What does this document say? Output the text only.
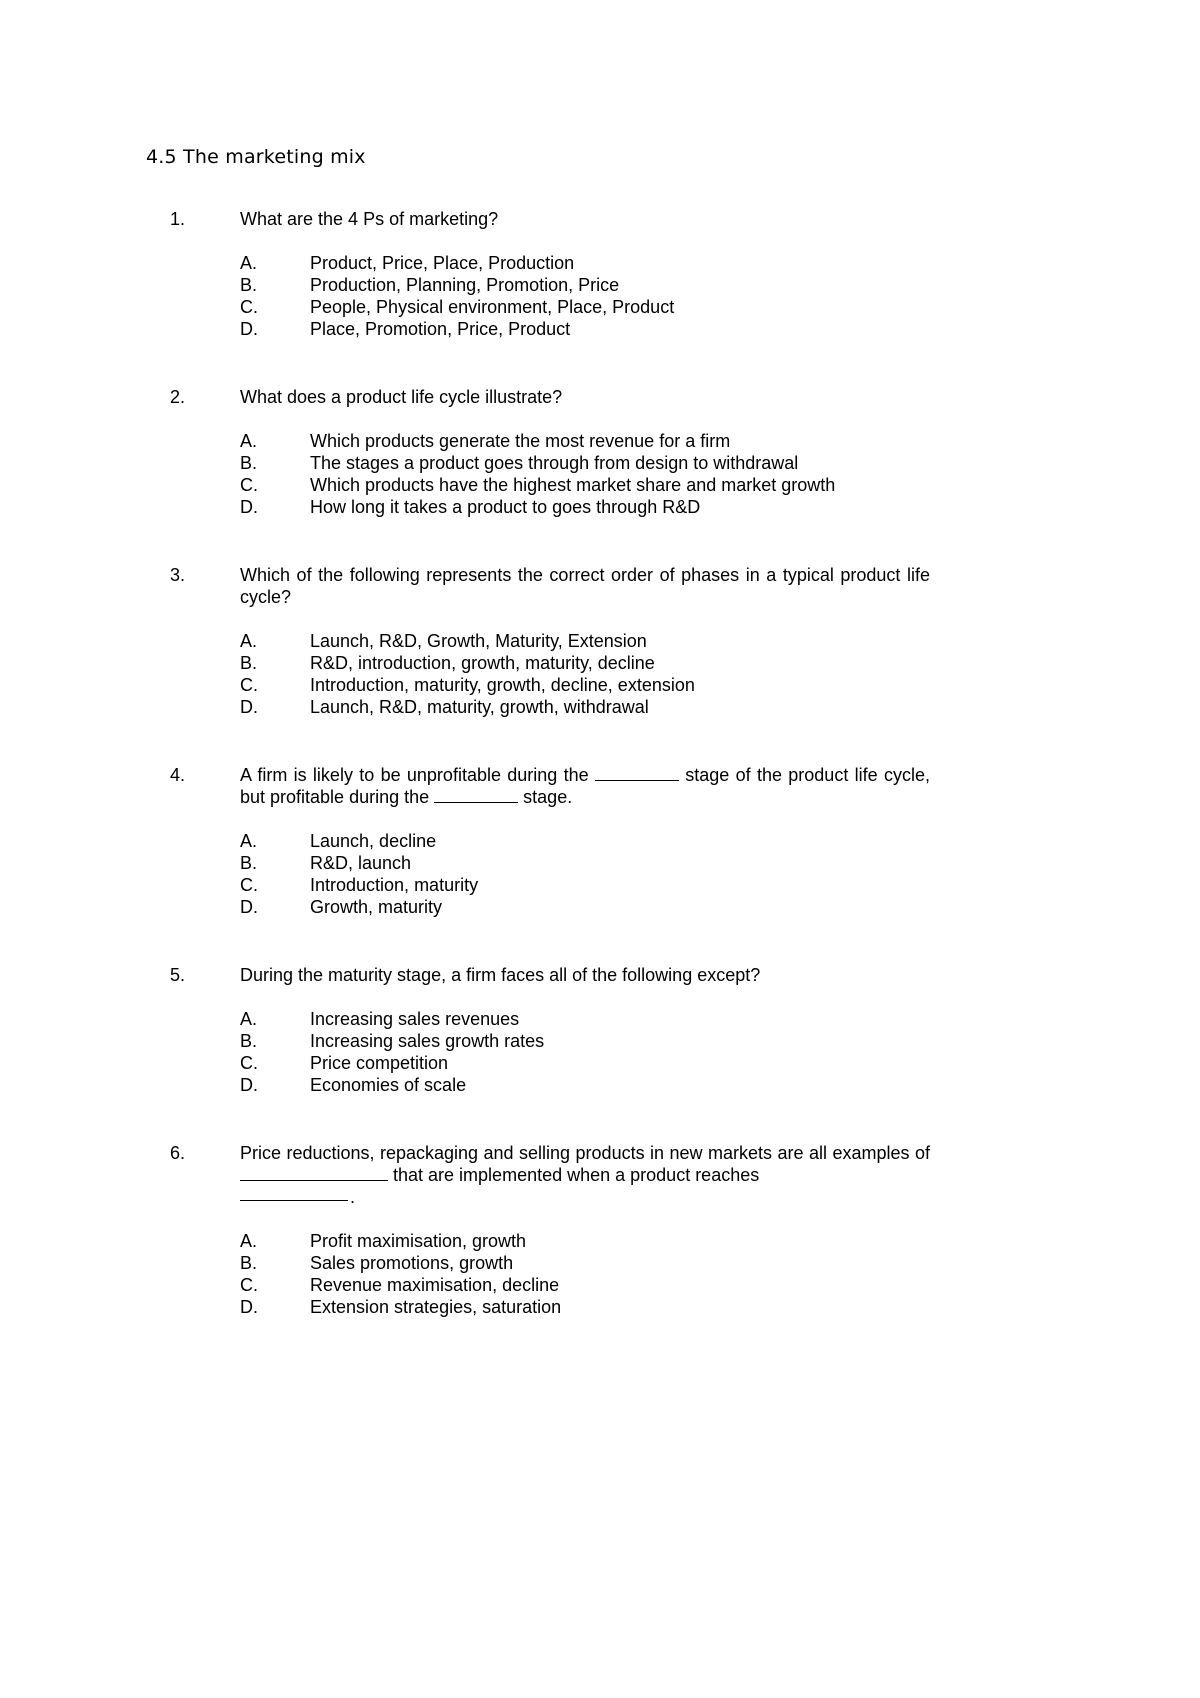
4.5 The marketing mix
1.	What are the 4 Ps of marketing?
A.	Product, Price, Place, Production
B.	Production, Planning, Promotion, Price
C.	People, Physical environment, Place, Product
D.	Place, Promotion, Price, Product
2.	What does a product life cycle illustrate?
A.	Which products generate the most revenue for a firm
B.	The stages a product goes through from design to withdrawal
C.	Which products have the highest market share and market growth
D.	How long it takes a product to goes through R&D
3.	Which of the following represents the correct order of phases in a typical product life cycle?
A.	Launch, R&D, Growth, Maturity, Extension
B.	R&D, introduction, growth, maturity, decline
C.	Introduction, maturity, growth, decline, extension
D.	Launch, R&D, maturity, growth, withdrawal
4.	A firm is likely to be unprofitable during the	stage of the product life cycle, but profitable during the	stage.
A.	Launch, decline
B.	R&D, launch
C.	Introduction, maturity
D.	Growth, maturity
5.	During the maturity stage, a firm faces all of the following except?
A.	Increasing sales revenues
B.	Increasing sales growth rates
C.	Price competition
D.	Economies of scale
6.	Price reductions, repackaging and selling products in new markets are all examples of  that are implemented when a product reaches
.
A.	Profit maximisation, growth
B.	Sales promotions, growth
C.	Revenue maximisation, decline
D.	Extension strategies, saturation
